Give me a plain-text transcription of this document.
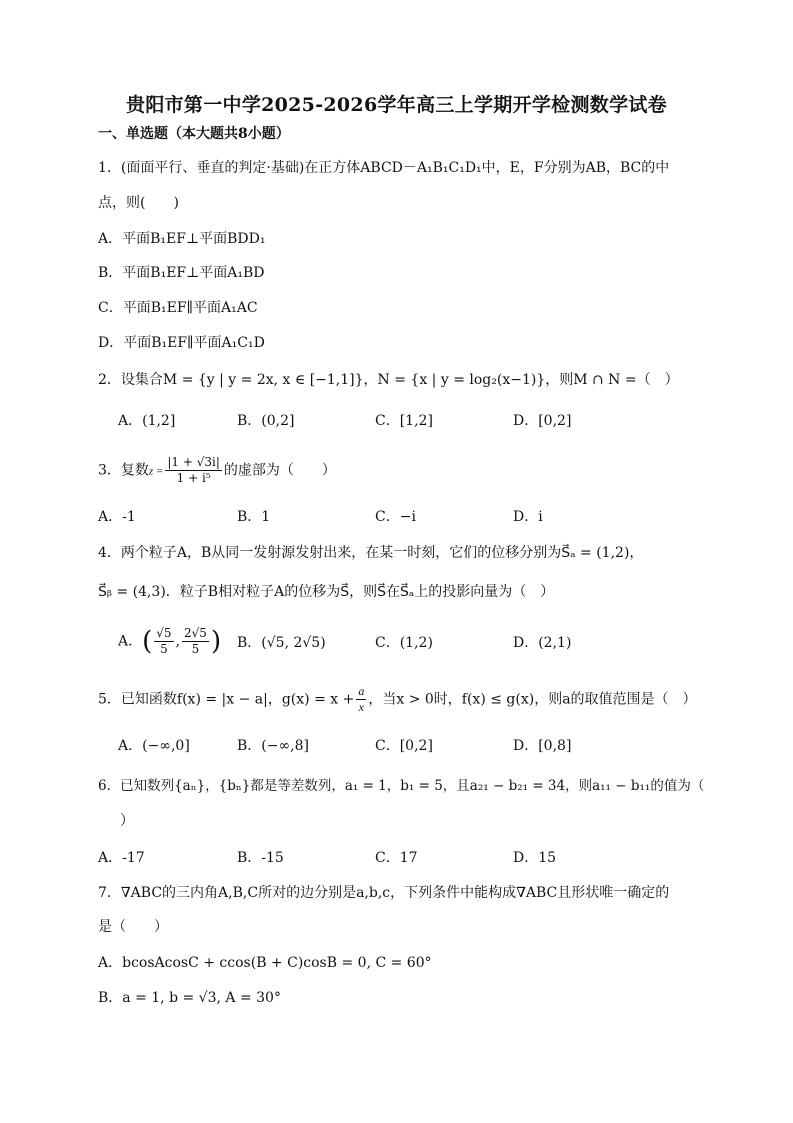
贵阳市第一中学2025-2026学年高三上学期开学检测数学试卷
一、单选题（本大题共8小题）
1．(面面平行、垂直的判定·基础)在正方体ABCD－A₁B₁C₁D₁中，E，F分别为AB，BC的中
点，则(　　)
A．平面B₁EF⊥平面BDD₁
B．平面B₁EF⊥平面A₁BD
C．平面B₁EF∥平面A₁AC
D．平面B₁EF∥平面A₁C₁D
2．设集合M = {y | y = 2x, x ∈ [−1,1]}，N = {x | y = log₂(x−1)}，则M ∩ N =（　）
A．(1,2]	B．(0,2]	C．[1,2]	D．[0,2]
3．复数$z = \frac{|1 + √3i|}{\text{1 + i⁵}}$ 的虚部为（　　）
A．-1	B．1	C．−i	D．i
4．两个粒子A，B从同一发射源发射出来，在某一时刻，它们的位移分别为S⃗ₐ = (1,2)，
S⃗ᵦ = (4,3)．粒子B相对粒子A的位移为S⃗，则S⃗在S⃗ₐ上的投影向量为（　）
A．( $\frac{√5}{5}$ , $\frac{2√5}{5}$ ) B．(√5, 2√5)	C．(1,2)	D．(2,1)
5．已知函数f(x) = |x − a|，$g(x) = x + \frac{a}{x}$ ，当x > 0时，f(x) ≤ g(x)，则a的取值范围是（　）
A．(−∞,0]	B．(−∞,8]	C．[0,2]	D．[0,8]
6．已知数列{aₙ}，{bₙ}都是等差数列，a₁ = 1，b₁ = 5，且a₂₁ − b₂₁ = 34，则a₁₁ − b₁₁的值为（
）
A．-17	B．-15	C．17	D．15
7．∇ABC的三内角A,B,C所对的边分别是a,b,c，下列条件中能构成∇ABC且形状唯一确定的
是（　　）
A．bcosAcosC + ccos(B + C)cosB = 0, C = 60°
B．a = 1, b = √3, A = 30°
